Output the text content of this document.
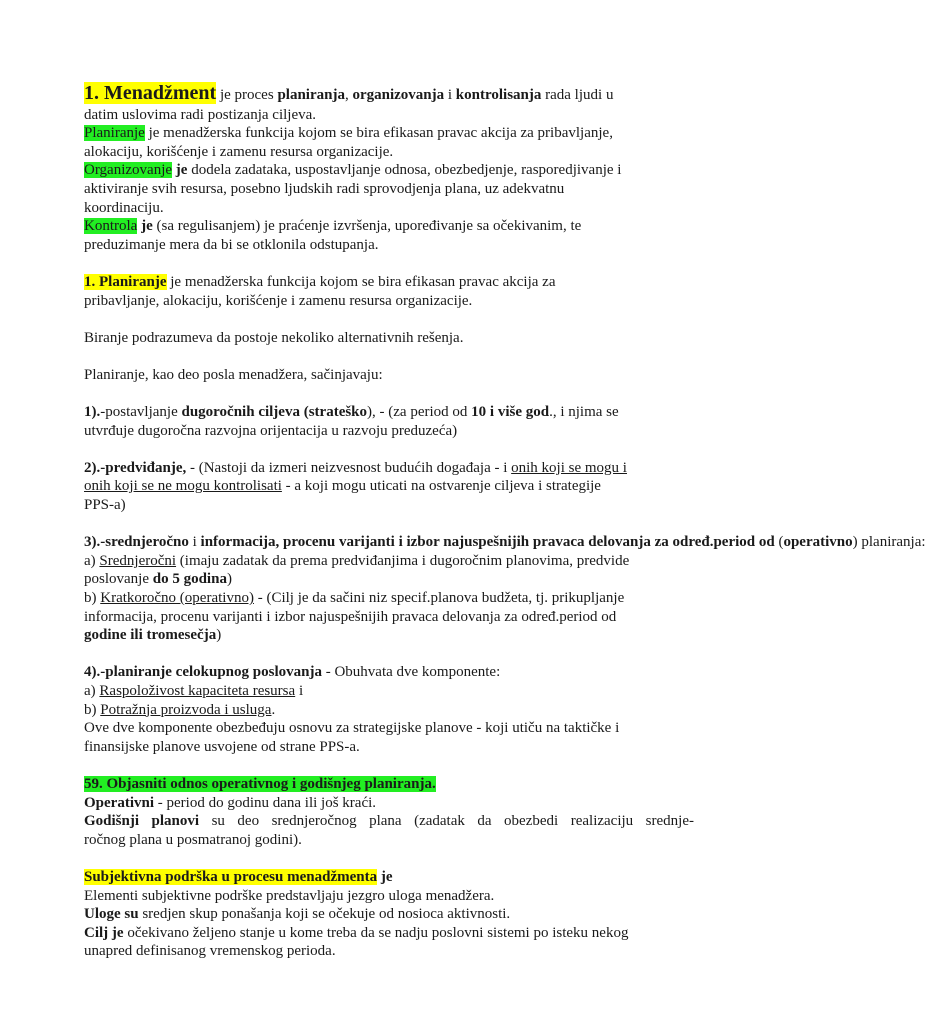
1. Menadžment je proces planiranja, organizovanja i kontrolisanja rada ljudi u
datim uslovima radi postizanja ciljeva.
Planiranje je menadžerska funkcija kojom se bira efikasan pravac akcija za pribavljanje,
alokaciju, korišćenje i zamenu resursa organizacije.
Organizovanje je dodela zadataka, uspostavljanje odnosa, obezbedjenje, rasporedjivanje i
aktiviranje svih resursa, posebno ljudskih radi sprovodjenja plana, uz adekvatnu
koordinaciju.
Kontrola je (sa regulisanjem) je praćenje izvršenja, upoređivanje sa očekivanim, te
preduzimanje mera da bi se otklonila odstupanja.
1. Planiranje je menadžerska funkcija kojom se bira efikasan pravac akcija za
pribavljanje, alokaciju, korišćenje i zamenu resursa organizacije.
Biranje podrazumeva da postoje nekoliko alternativnih rešenja.
Planiranje, kao deo posla menadžera, sačinjavaju:
1).-postavljanje dugoročnih ciljeva (strateško), - (za period od 10 i više god., i njima se
utvrđuje dugoročna razvojna orijentacija u razvoju preduzeća)
2).-predviđanje, - (Nastoji da izmeri neizvesnost budućih događaja - i onih koji se mogu i
onih koji se ne mogu kontrolisati - a koji mogu uticati na ostvarenje ciljeva i strategije
PPS-a)
3).-srednjeročno i informacija, procenu varijanti i izbor najuspešnijih pravaca delovanja za određ.period od (operativno) planiranja:
a) Srednjeročni (imaju zadatak da prema predviđanjima i dugoročnim planovima, predvide
poslovanje do 5 godina)
b) Kratkoročno (operativno) - (Cilj je da sačini niz specif.planova budžeta, tj. prikupljanje
informacija, procenu varijanti i izbor najuspešnijih pravaca delovanja za određ.period od
godine ili tromesečja)
4).-planiranje celokupnog poslovanja - Obuhvata dve komponente:
a) Raspoloživost kapaciteta resursa i
b) Potražnja proizvoda i usluga.
Ove dve komponente obezbeđuju osnovu za strategijske planove - koji utiču na taktičke i
finansijske planove usvojene od strane PPS-a.
59. Objasniti odnos operativnog i godišnjeg planiranja.
Operativni - period do godinu dana ili još kraći.
Godišnji planovi su deo srednjeročnog plana (zadatak da obezbedi realizaciju srednje-
ročnog plana u posmatranoj godini).
Subjektivna podrška u procesu menadžmenta je
Elementi subjektivne podrške predstavljaju jezgro uloga menadžera.
Uloge su sredjen skup ponašanja koji se očekuje od nosioca aktivnosti.
Cilj je očekivano željeno stanje u kome treba da se nadju poslovni sistemi po isteku nekog
unapred definisanog vremenskog perioda.
